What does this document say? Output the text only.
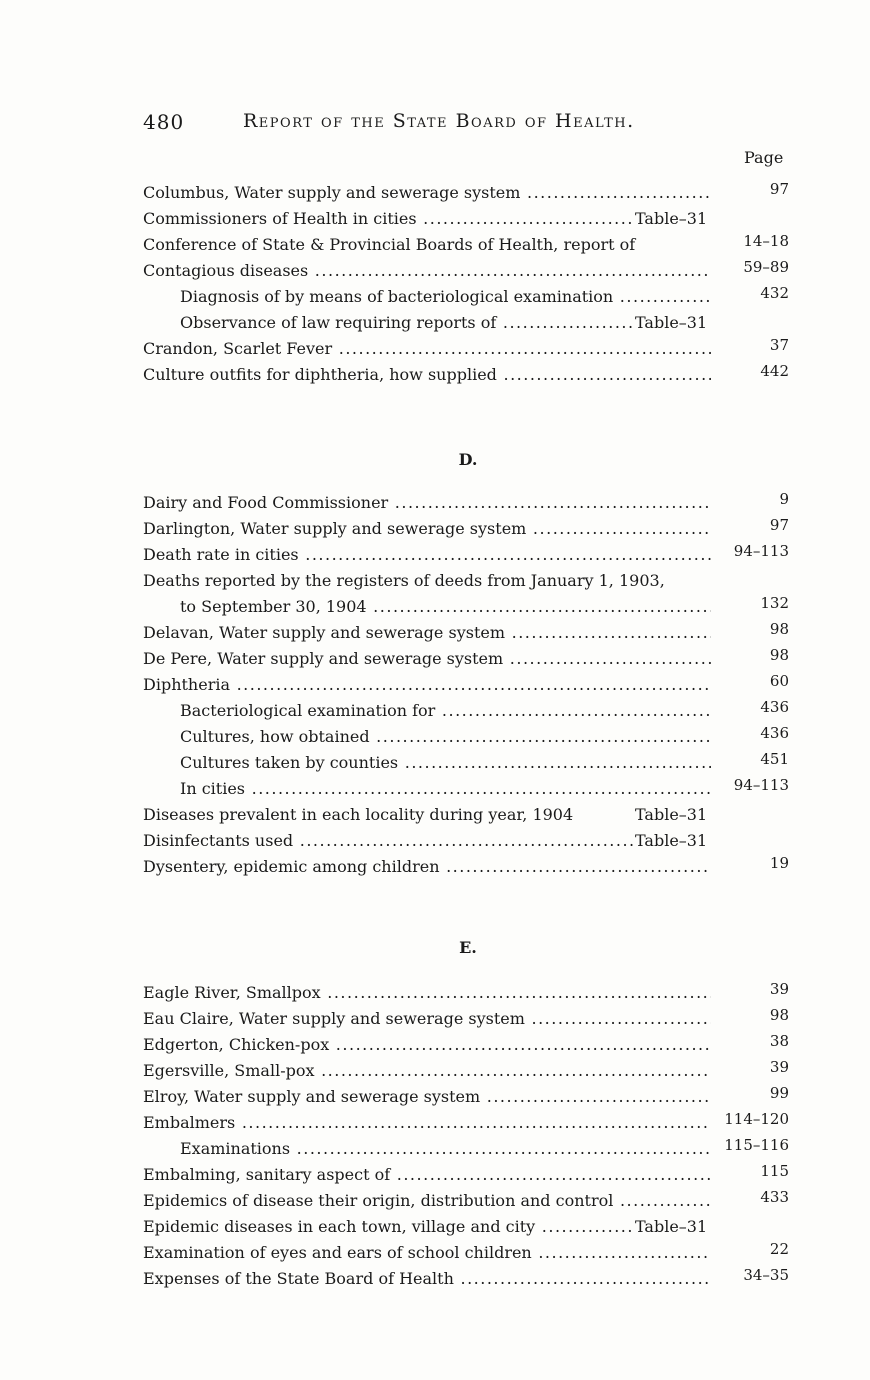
480	Report of the State Board of Health.
Page
Columbus, Water supply and sewerage system .....	97
Commissioners of Health in cities .....	Table–31
Conference of State & Provincial Boards of Health, report of	14–18
Contagious diseases .....	59–89
Diagnosis of by means of bacteriological examination .....	432
Observance of law requiring reports of .....	Table–31
Crandon, Scarlet Fever .....	37
Culture outfits for diphtheria, how supplied .....	442
D.
Dairy and Food Commissioner .....	9
Darlington, Water supply and sewerage system .....	97
Death rate in cities .....	94–113
Deaths reported by the registers of deeds from January 1, 1903,
to September 30, 1904 .....	132
Delavan, Water supply and sewerage system .....	98
De Pere, Water supply and sewerage system .....	98
Diphtheria .....	60
Bacteriological examination for .....	436
Cultures, how obtained .....	436
Cultures taken by counties .....	451
In cities .....	94–113
Diseases prevalent in each locality during year, 1904	Table–31
Disinfectants used .....	Table–31
Dysentery, epidemic among children .....	19
E.
Eagle River, Smallpox .....	39
Eau Claire, Water supply and sewerage system .....	98
Edgerton, Chicken-pox .....	38
Egersville, Small-pox .....	39
Elroy, Water supply and sewerage system .....	99
Embalmers .....	114–120
Examinations .....	115–116
Embalming, sanitary aspect of .....	115
Epidemics of disease their origin, distribution and control .....	433
Epidemic diseases in each town, village and city .....	Table–31
Examination of eyes and ears of school children .....	22
Expenses of the State Board of Health .....	34–35
